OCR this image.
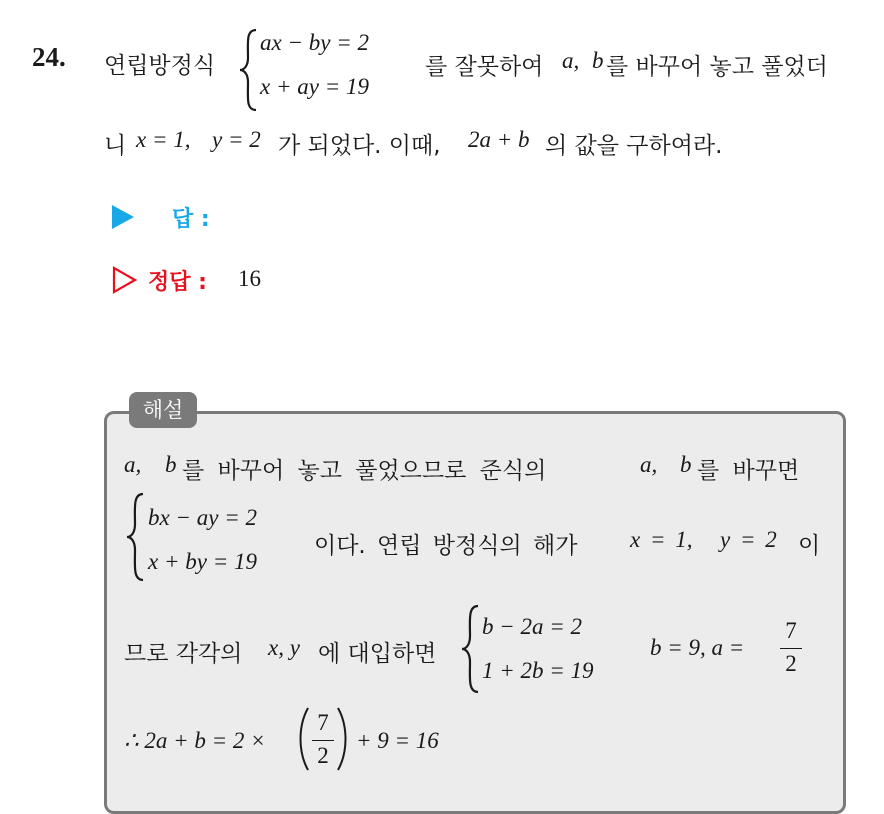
24. 연립방정식
ax − by = 2
x + ay = 19
를 잘못하여 a, b 를 바꾸어 놓고 풀었더
니 x = 1, y = 2 가 되었다. 이때, 2a + b 의 값을 구하여라.
답 :
정답 : 16
해설
a, b 를 바꾸어 놓고 풀었으므로 준식의	a, b 를 바꾸면
bx − ay = 2
x + by = 19
이다. 연립 방정식의 해가 x = 1, y = 2 이
므로 각각의 x, y 에 대입하면
b − 2a = 2
1 + 2b = 19
b = 9, a =
7
2
∴ 2a + b = 2 ×
7
2
+ 9 = 16
